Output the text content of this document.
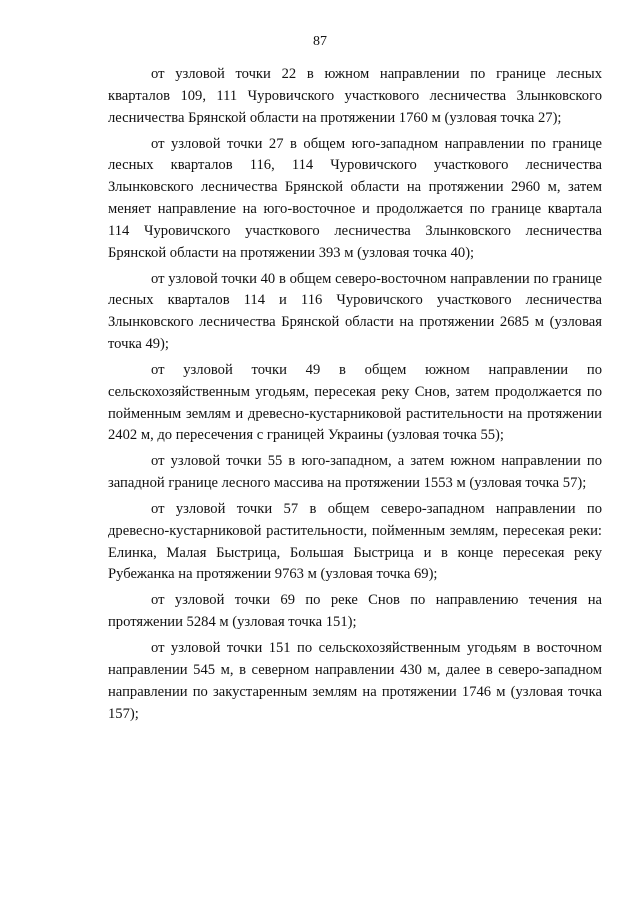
87

от узловой точки 22 в южном направлении по границе лесных кварталов 109, 111 Чуровичского участкового лесничества Злынковского лесничества Брянской области на протяжении 1760 м (узловая точка 27);

от узловой точки 27 в общем юго-западном направлении по границе лесных кварталов 116, 114 Чуровичского участкового лесничества Злынковского лесничества Брянской области на протяжении 2960 м, затем меняет направление на юго-восточное и продолжается по границе квартала 114 Чуровичского участкового лесничества Злынковского лесничества Брянской области на протяжении 393 м (узловая точка 40);

от узловой точки 40 в общем северо-восточном направлении по границе лесных кварталов 114 и 116 Чуровичского участкового лесничества Злынковского лесничества Брянской области на протяжении 2685 м (узловая точка 49);

от узловой точки 49 в общем южном направлении по сельскохозяйственным угодьям, пересекая реку Снов, затем продолжается по пойменным землям и древесно-кустарниковой растительности на протяжении 2402 м, до пересечения с границей Украины (узловая точка 55);

от узловой точки 55 в юго-западном, а затем южном направлении по западной границе лесного массива на протяжении 1553 м (узловая точка 57);

от узловой точки 57 в общем северо-западном направлении по древесно-кустарниковой растительности, пойменным землям, пересекая реки: Елинка, Малая Быстрица, Большая Быстрица и в конце пересекая реку Рубежанка на протяжении 9763 м (узловая точка 69);

от узловой точки 69 по реке Снов по направлению течения на протяжении 5284 м (узловая точка 151);

от узловой точки 151 по сельскохозяйственным угодьям в восточном направлении 545 м, в северном направлении 430 м, далее в северо-западном направлении по закустаренным землям на протяжении 1746 м (узловая точка 157);
